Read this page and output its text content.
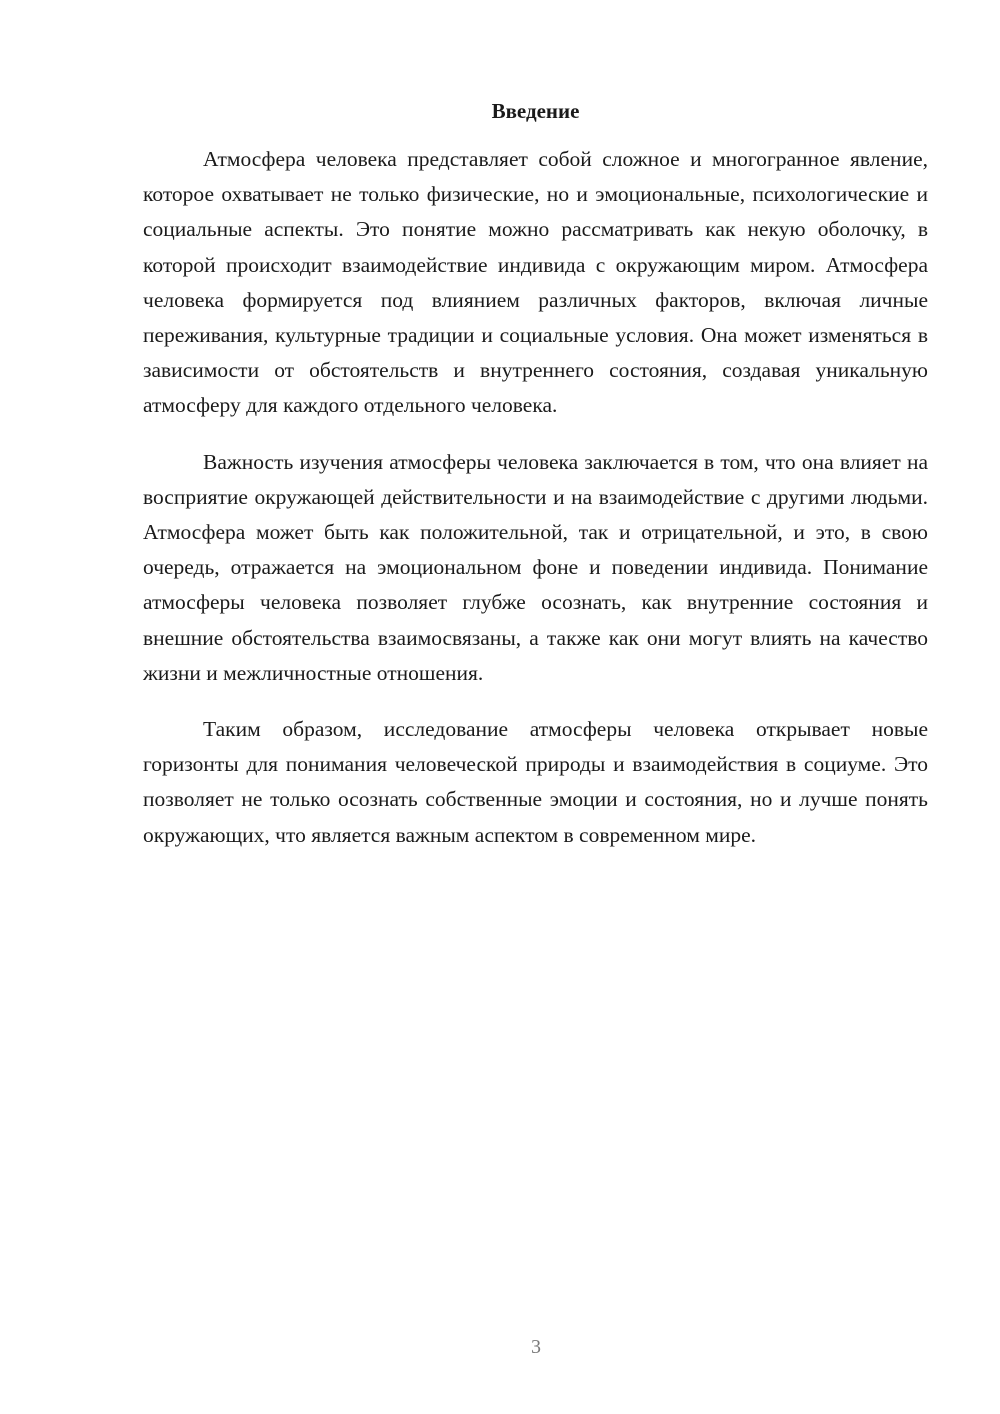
Введение

Атмосфера человека представляет собой сложное и многогранное явление, которое охватывает не только физические, но и эмоциональные, психологические и социальные аспекты. Это понятие можно рассматривать как некую оболочку, в которой происходит взаимодействие индивида с окружающим миром. Атмосфера человека формируется под влиянием различных факторов, включая личные переживания, культурные традиции и социальные условия. Она может изменяться в зависимости от обстоятельств и внутреннего состояния, создавая уникальную атмосферу для каждого отдельного человека.

Важность изучения атмосферы человека заключается в том, что она влияет на восприятие окружающей действительности и на взаимодействие с другими людьми. Атмосфера может быть как положительной, так и отрицательной, и это, в свою очередь, отражается на эмоциональном фоне и поведении индивида. Понимание атмосферы человека позволяет глубже осознать, как внутренние состояния и внешние обстоятельства взаимосвязаны, а также как они могут влиять на качество жизни и межличностные отношения.

Таким образом, исследование атмосферы человека открывает новые горизонты для понимания человеческой природы и взаимодействия в социуме. Это позволяет не только осознать собственные эмоции и состояния, но и лучше понять окружающих, что является важным аспектом в современном мире.

3
